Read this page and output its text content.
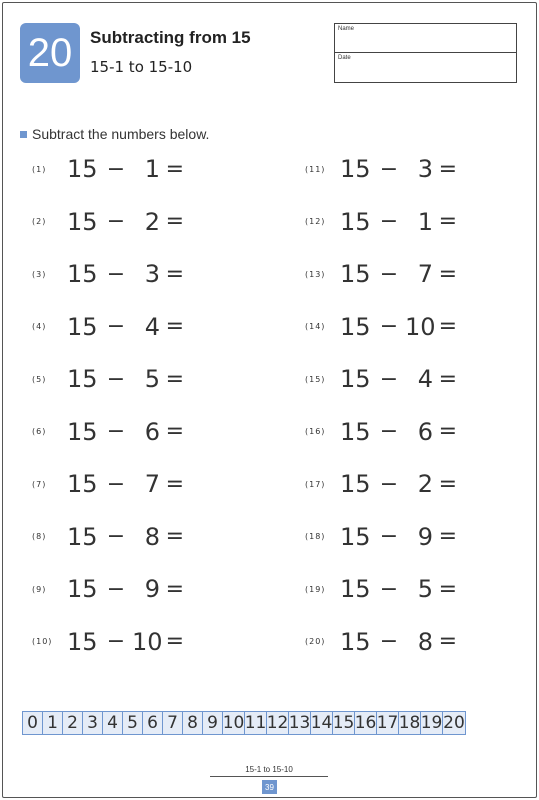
20	Subtracting from 15
15-1 to 15-10
Name
Date
Subtract the numbers below.
(1) 15 − 1 =
(2) 15 − 2 =
(3) 15 − 3 =
(4) 15 − 4 =
(5) 15 − 5 =
(6) 15 − 6 =
(7) 15 − 7 =
(8) 15 − 8 =
(9) 15 − 9 =
(10) 15 − 10 =
(11) 15 − 3 =
(12) 15 − 1 =
(13) 15 − 7 =
(14) 15 − 10 =
(15) 15 − 4 =
(16) 15 − 6 =
(17) 15 − 2 =
(18) 15 − 9 =
(19) 15 − 5 =
(20) 15 − 8 =
0 1 2 3 4 5 6 7 8 9 10 11 12 13 14 15 16 17 18 19 20
15-1 to 15-10
39
